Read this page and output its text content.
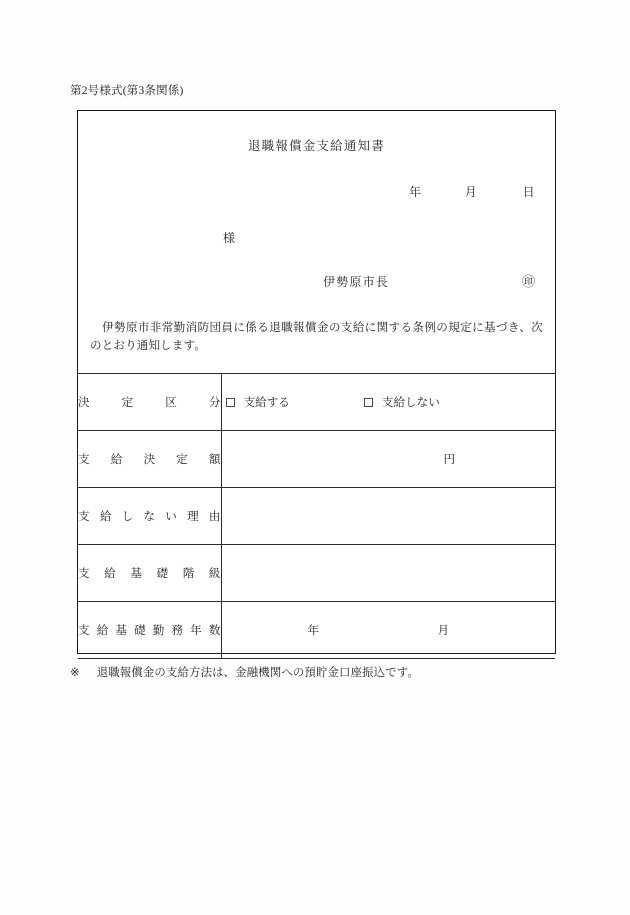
第2号様式(第3条関係)
退職報償金支給通知書
年	月	日
様
伊勢原市長	㊞
伊勢原市非常勤消防団員に係る退職報償金の支給に関する条例の規定に基づき、次のとおり通知します。
決 定 区 分	支給する 支給しない

支 給 決 定 額	円

支 給 し な い 理 由

支 給 基 礎 階 級

支 給 基 礎 勤 務 年 数	年	月
※ 退職報償金の支給方法は、金融機関への預貯金口座振込です。
